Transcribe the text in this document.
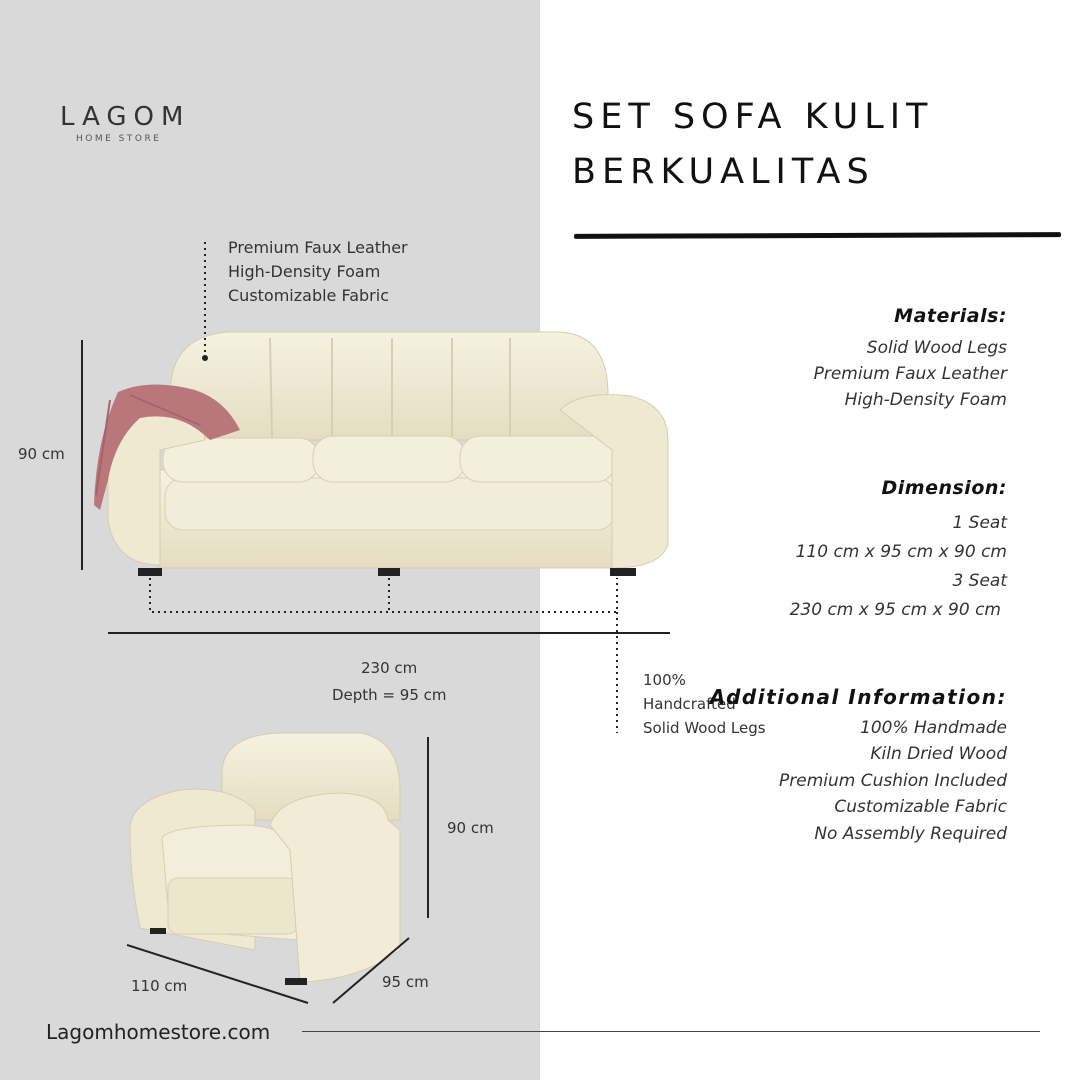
LAGOM
HOME STORE
SET SOFA KULIT
BERKUALITAS
Premium Faux Leather
High-Density Foam
Customizable Fabric
90 cm
230 cm
Depth = 95 cm
100%
Handcrafted
Solid Wood Legs
90 cm
110 cm	95 cm
Materials:
Solid Wood Legs
Premium Faux Leather
High-Density Foam
Dimension:
1 Seat
110 cm x 95 cm x 90 cm
3 Seat
230 cm x 95 cm x 90 cm
Additional Information:
100% Handmade
Kiln Dried Wood
Premium Cushion Included
Customizable Fabric
No Assembly Required
Lagomhomestore.com
